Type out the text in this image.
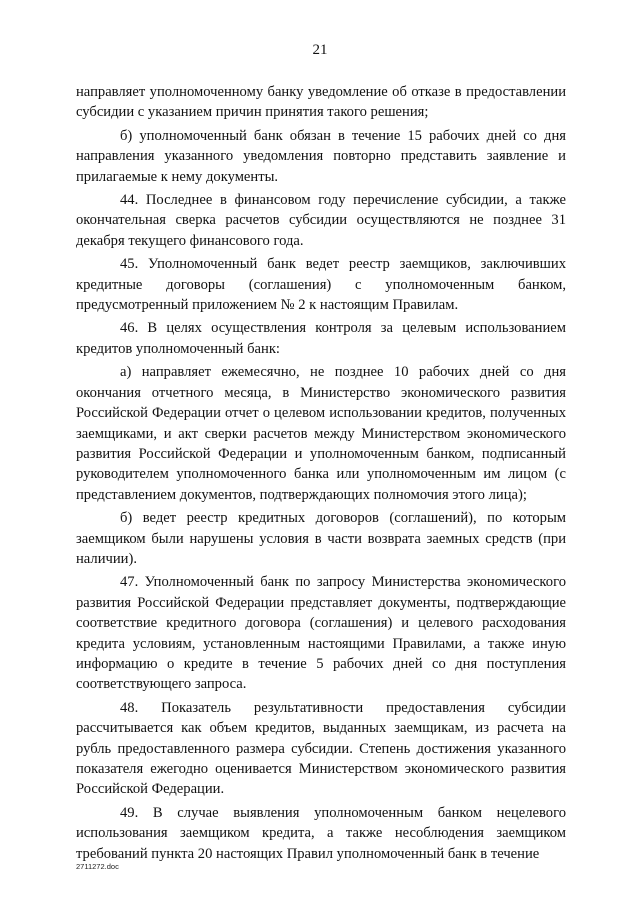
21

направляет уполномоченному банку уведомление об отказе в предоставлении субсидии с указанием причин принятия такого решения;

б) уполномоченный банк обязан в течение 15 рабочих дней со дня направления указанного уведомления повторно представить заявление и прилагаемые к нему документы.

44. Последнее в финансовом году перечисление субсидии, а также окончательная сверка расчетов субсидии осуществляются не позднее 31 декабря текущего финансового года.

45. Уполномоченный банк ведет реестр заемщиков, заключивших кредитные договоры (соглашения) с уполномоченным банком, предусмотренный приложением № 2 к настоящим Правилам.

46. В целях осуществления контроля за целевым использованием кредитов уполномоченный банк:

а) направляет ежемесячно, не позднее 10 рабочих дней со дня окончания отчетного месяца, в Министерство экономического развития Российской Федерации отчет о целевом использовании кредитов, полученных заемщиками, и акт сверки расчетов между Министерством экономического развития Российской Федерации и уполномоченным банком, подписанный руководителем уполномоченного банка или уполномоченным им лицом (с представлением документов, подтверждающих полномочия этого лица);

б) ведет реестр кредитных договоров (соглашений), по которым заемщиком были нарушены условия в части возврата заемных средств (при наличии).

47. Уполномоченный банк по запросу Министерства экономического развития Российской Федерации представляет документы, подтверждающие соответствие кредитного договора (соглашения) и целевого расходования кредита условиям, установленным настоящими Правилами, а также иную информацию о кредите в течение 5 рабочих дней со дня поступления соответствующего запроса.

48. Показатель результативности предоставления субсидии рассчитывается как объем кредитов, выданных заемщикам, из расчета на рубль предоставленного размера субсидии. Степень достижения указанного показателя ежегодно оценивается Министерством экономического развития Российской Федерации.

49. В случае выявления уполномоченным банком нецелевого использования заемщиком кредита, а также несоблюдения заемщиком требований пункта 20 настоящих Правил уполномоченный банк в течение

2711272.doc
